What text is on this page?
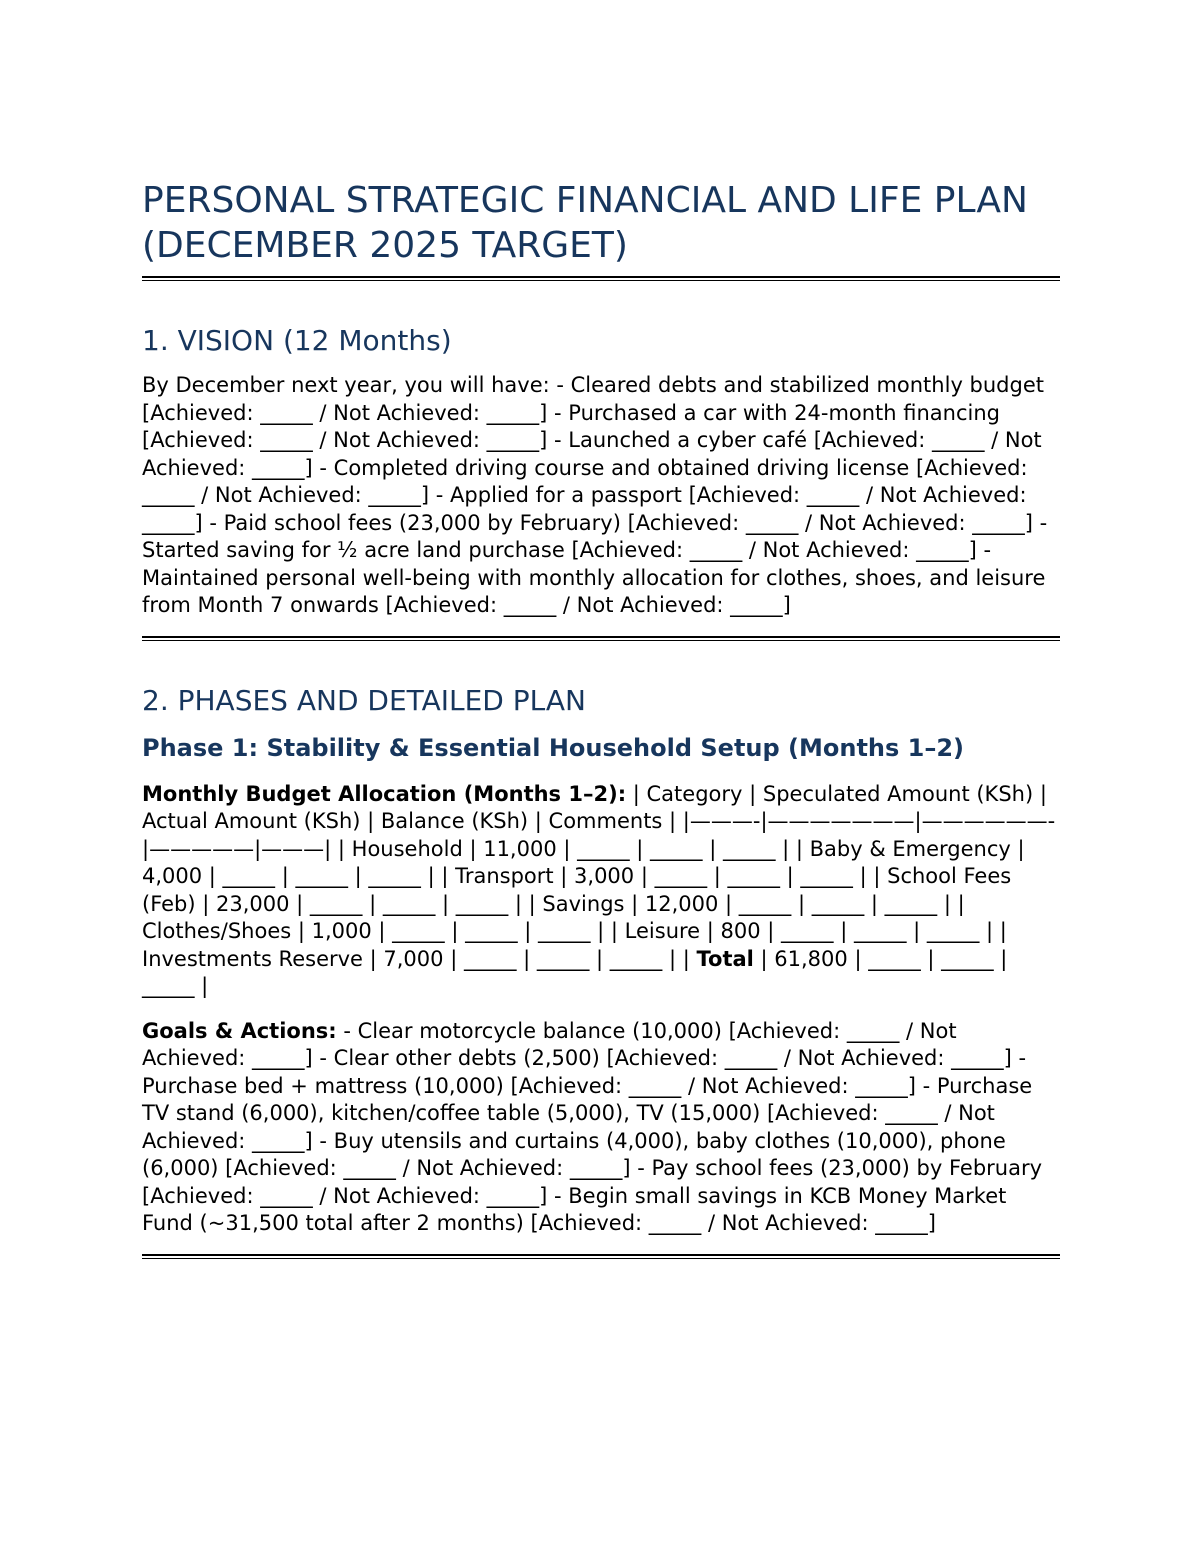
PERSONAL STRATEGIC FINANCIAL AND LIFE PLAN (DECEMBER 2025 TARGET)
1. VISION (12 Months)

By December next year, you will have: - Cleared debts and stabilized monthly budget [Achieved: _____ / Not Achieved: _____] - Purchased a car with 24-month financing [Achieved: _____ / Not Achieved: _____] - Launched a cyber café [Achieved: _____ / Not Achieved: _____] - Completed driving course and obtained driving license [Achieved: _____ / Not Achieved: _____] - Applied for a passport [Achieved: _____ / Not Achieved: _____] - Paid school fees (23,000 by February) [Achieved: _____ / Not Achieved: _____] - Started saving for ½ acre land purchase [Achieved: _____ / Not Achieved: _____] - Maintained personal well-being with monthly allocation for clothes, shoes, and leisure from Month 7 onwards [Achieved: _____ / Not Achieved: _____]

2. PHASES AND DETAILED PLAN
Phase 1: Stability & Essential Household Setup (Months 1–2)

Monthly Budget Allocation (Months 1–2): | Category | Speculated Amount (KSh) | Actual Amount (KSh) | Balance (KSh) | Comments | |———-|———————|——————-|—————|———| | Household | 11,000 | _____ | _____ | _____ | | Baby & Emergency | 4,000 | _____ | _____ | _____ | | Transport | 3,000 | _____ | _____ | _____ | | School Fees (Feb) | 23,000 | _____ | _____ | _____ | | Savings | 12,000 | _____ | _____ | _____ | | Clothes/Shoes | 1,000 | _____ | _____ | _____ | | Leisure | 800 | _____ | _____ | _____ | | Investments Reserve | 7,000 | _____ | _____ | _____ | | Total | 61,800 | _____ | _____ | _____ |

Goals & Actions: - Clear motorcycle balance (10,000) [Achieved: _____ / Not Achieved: _____] - Clear other debts (2,500) [Achieved: _____ / Not Achieved: _____] - Purchase bed + mattress (10,000) [Achieved: _____ / Not Achieved: _____] - Purchase TV stand (6,000), kitchen/coffee table (5,000), TV (15,000) [Achieved: _____ / Not Achieved: _____] - Buy utensils and curtains (4,000), baby clothes (10,000), phone (6,000) [Achieved: _____ / Not Achieved: _____] - Pay school fees (23,000) by February [Achieved: _____ / Not Achieved: _____] - Begin small savings in KCB Money Market Fund (~31,500 total after 2 months) [Achieved: _____ / Not Achieved: _____]
